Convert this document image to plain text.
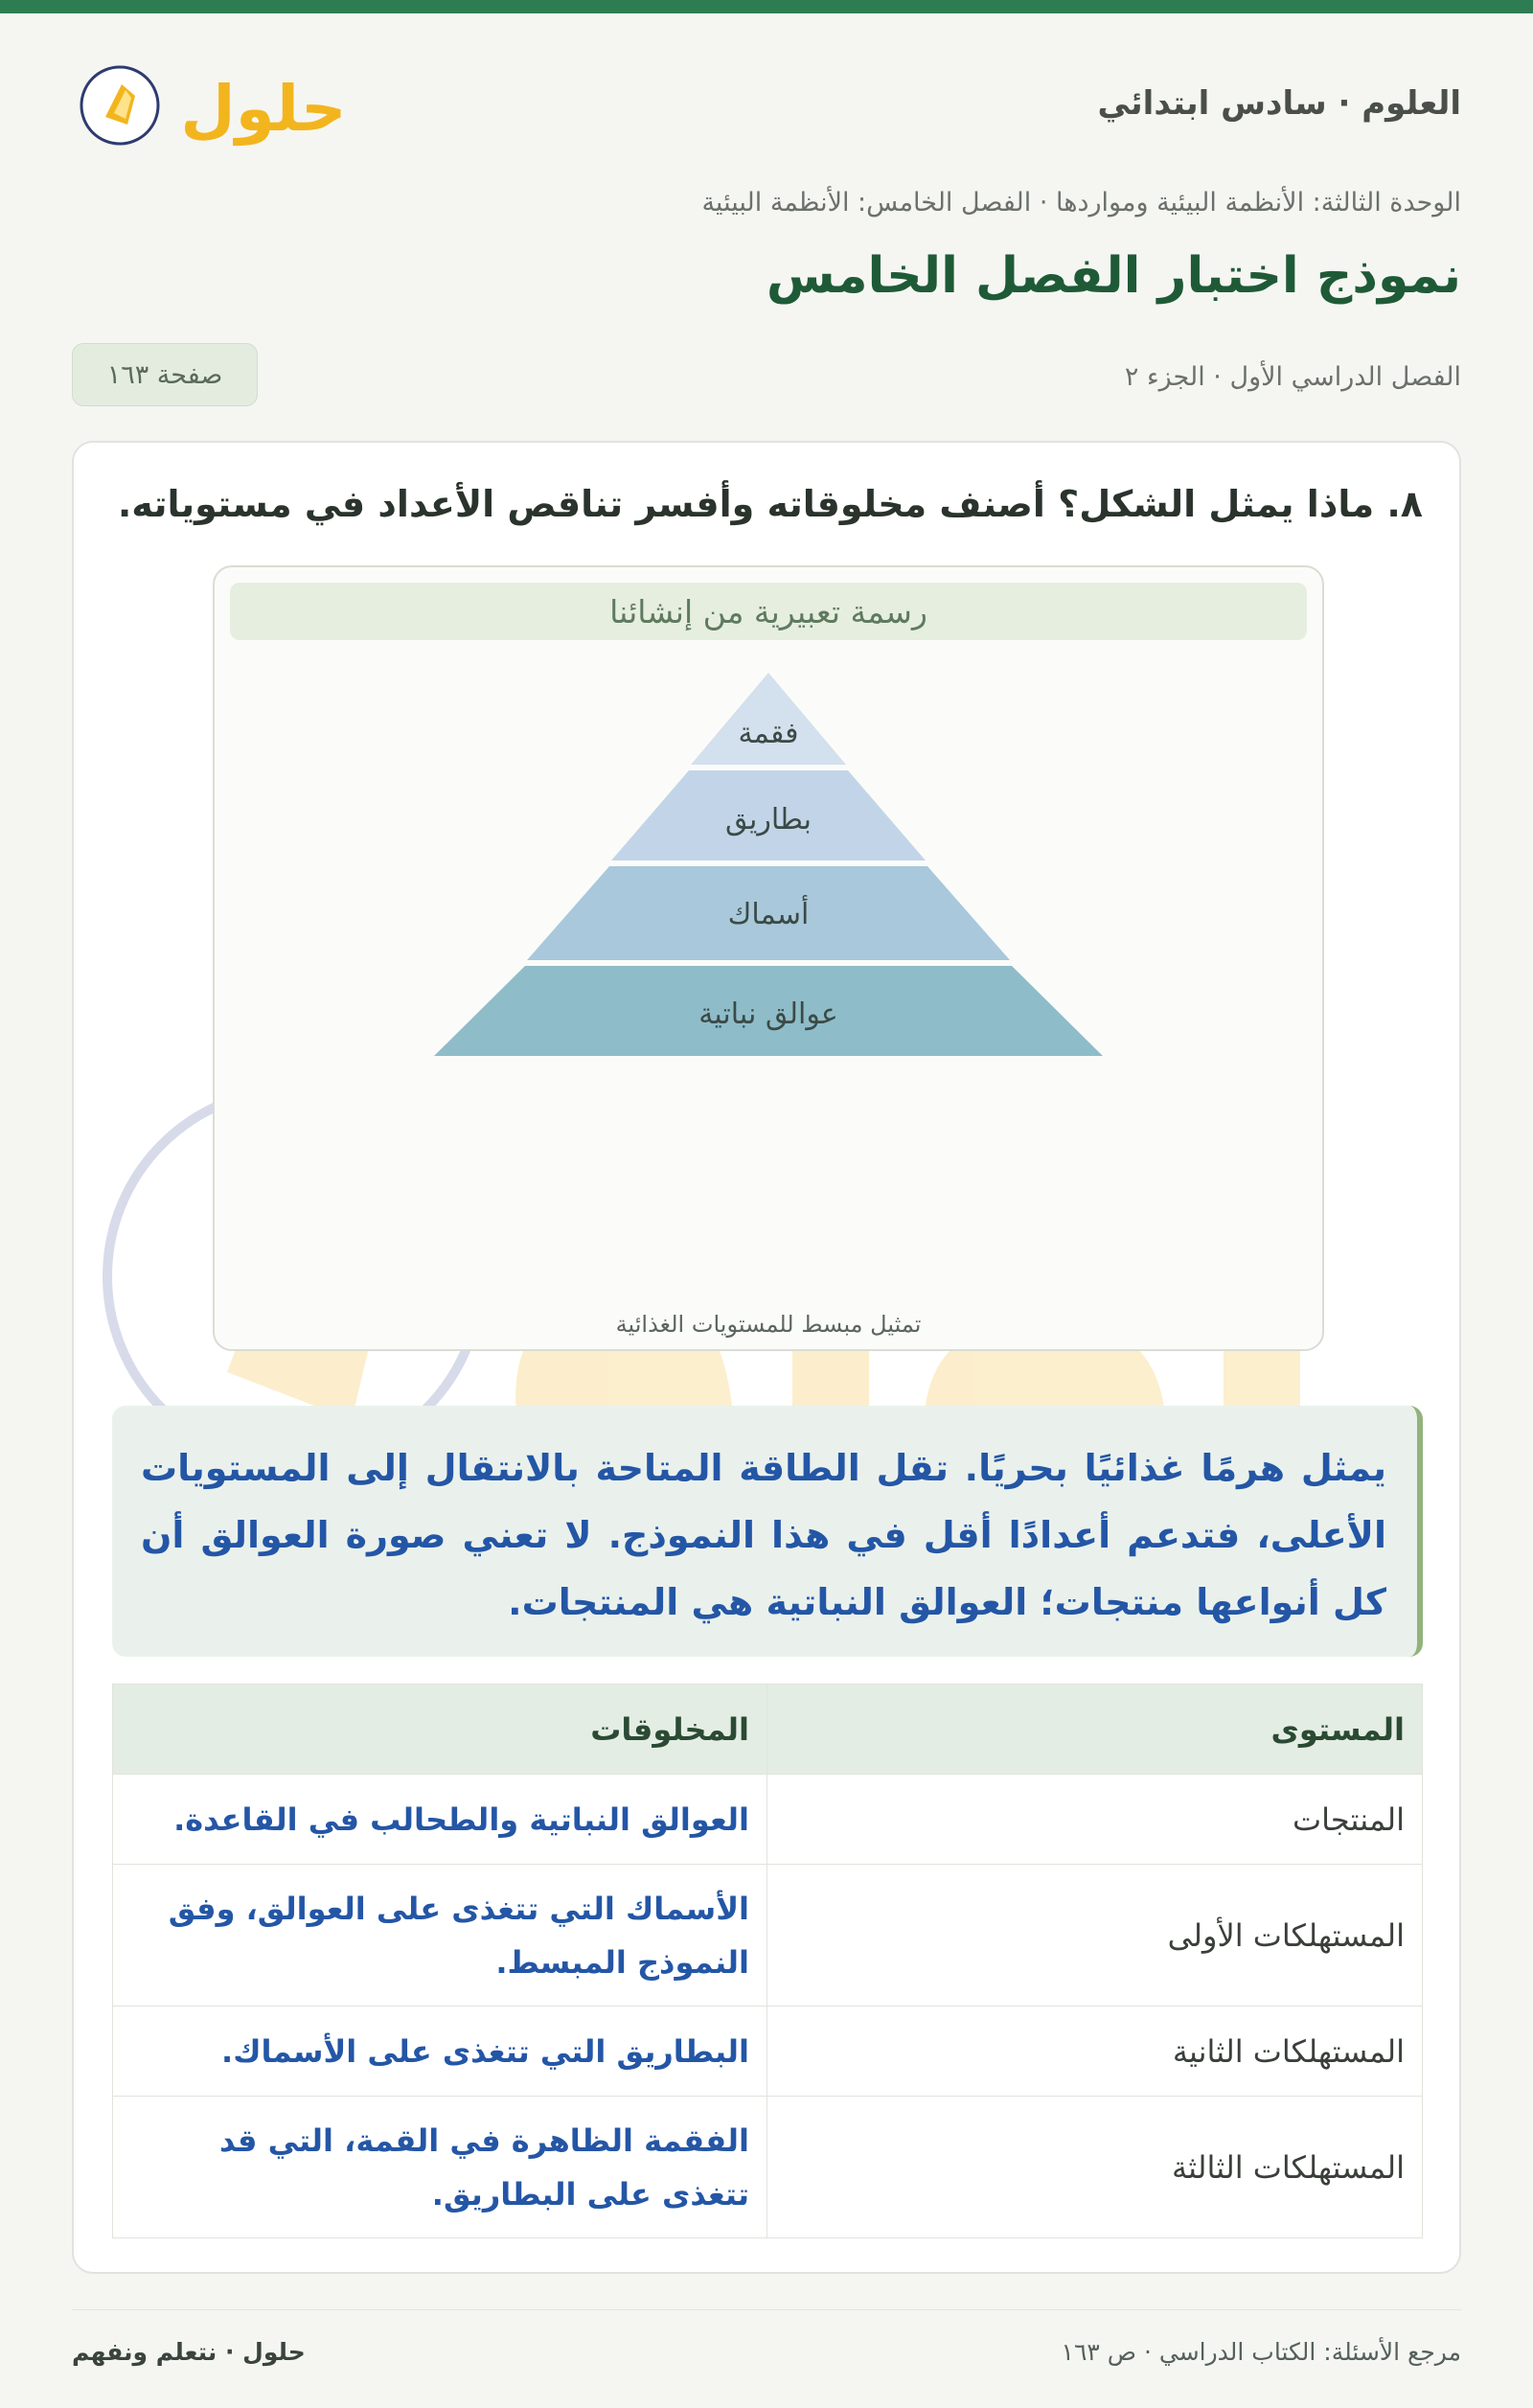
العلوم · سادس ابتدائي
حلول
الوحدة الثالثة: الأنظمة البيئية ومواردها · الفصل الخامس: الأنظمة البيئية
نموذج اختبار الفصل الخامس
الفصل الدراسي الأول · الجزء ٢
صفحة ١٦٣
٨. ماذا يمثل الشكل؟ أصنف مخلوقاته وأفسر تناقص الأعداد في مستوياته.
رسمة تعبيرية من إنشائنا
فقمة
بطاريق
أسماك
عوالق نباتية
تمثيل مبسط للمستويات الغذائية
يمثل هرمًا غذائيًا بحريًا. تقل الطاقة المتاحة بالانتقال إلى المستويات الأعلى، فتدعم أعدادًا أقل في هذا النموذج. لا تعني صورة العوالق أن كل أنواعها منتجات؛ العوالق النباتية هي المنتجات.
المستوى	المخلوقات
المنتجات	العوالق النباتية والطحالب في القاعدة.
المستهلكات الأولى	الأسماك التي تتغذى على العوالق، وفق النموذج المبسط.
المستهلكات الثانية	البطاريق التي تتغذى على الأسماك.
المستهلكات الثالثة	الفقمة الظاهرة في القمة، التي قد تتغذى على البطاريق.
مرجع الأسئلة: الكتاب الدراسي · ص ١٦٣
حلول · نتعلم ونفهم
